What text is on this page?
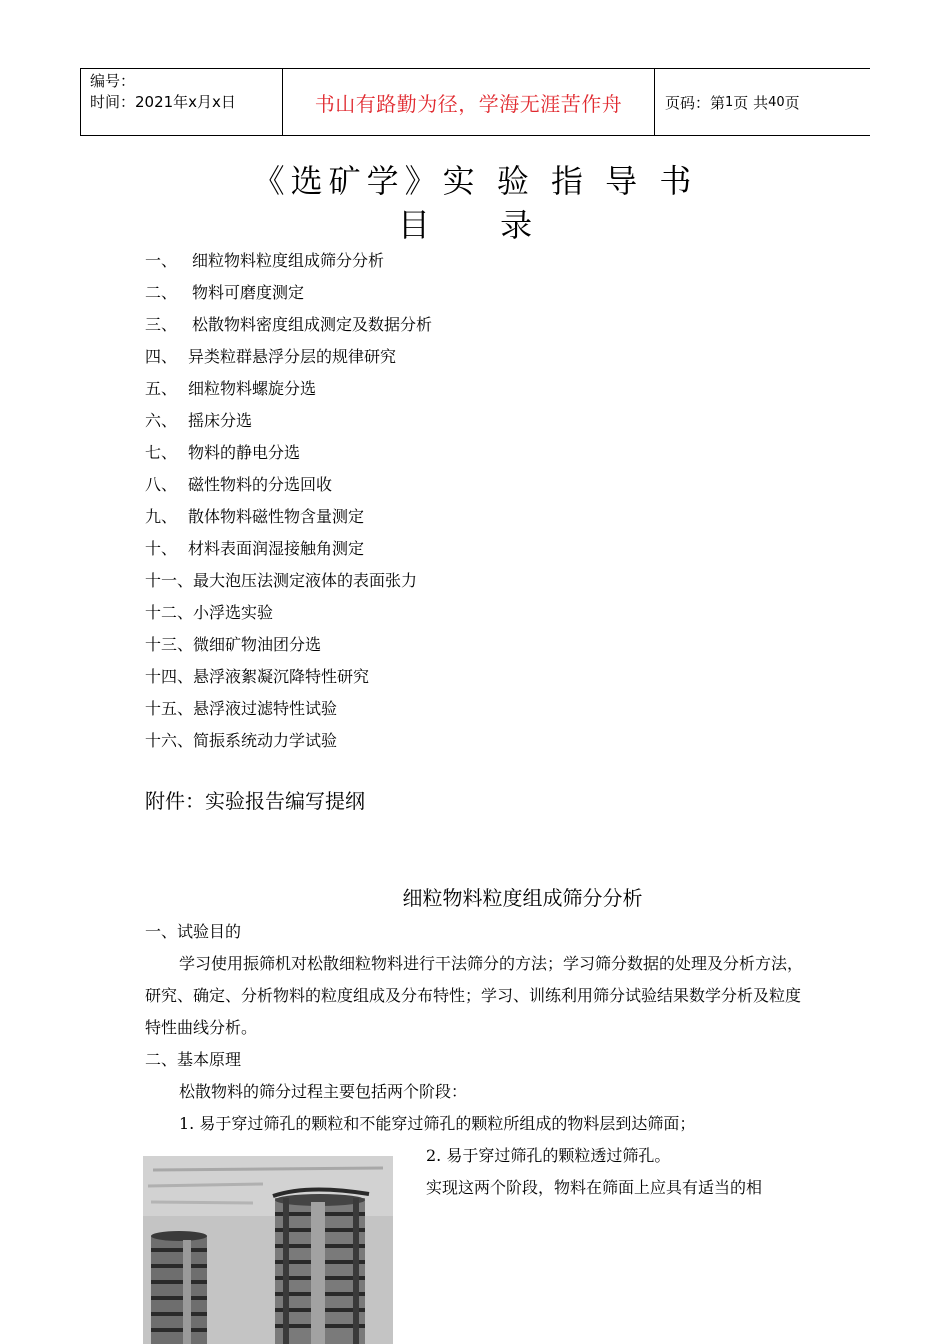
编号：
时间：2021年x月x日	书山有路勤为径，学海无涯苦作舟	页码：第 1 页 共 40 页
《选矿学》实 验 指 导 书
目 录
一、 细粒物料粒度组成筛分分析
二、 物料可磨度测定
三、 松散物料密度组成测定及数据分析
四、 异类粒群悬浮分层的规律研究
五、 细粒物料螺旋分选
六、 摇床分选
七、 物料的静电分选
八、 磁性物料的分选回收
九、 散体物料磁性物含量测定
十、 材料表面润湿接触角测定
十一、最大泡压法测定液体的表面张力
十二、小浮选实验
十三、微细矿物油团分选
十四、悬浮液絮凝沉降特性研究
十五、悬浮液过滤特性试验
十六、简振系统动力学试验
附件：实验报告编写提纲
细粒物料粒度组成筛分分析
一、试验目的
学习使用振筛机对松散细粒物料进行干法筛分的方法；学习筛分数据的处理及分析方法，研究、确定、分析物料的粒度组成及分布特性；学习、训练利用筛分试验结果数学分析及粒度特性曲线分析。
二、基本原理
松散物料的筛分过程主要包括两个阶段：
1. 易于穿过筛孔的颗粒和不能穿过筛孔的颗粒所组成的物料层到达筛面；
2. 易于穿过筛孔的颗粒透过筛孔。
实现这两个阶段，物料在筛面上应具有适当的相
